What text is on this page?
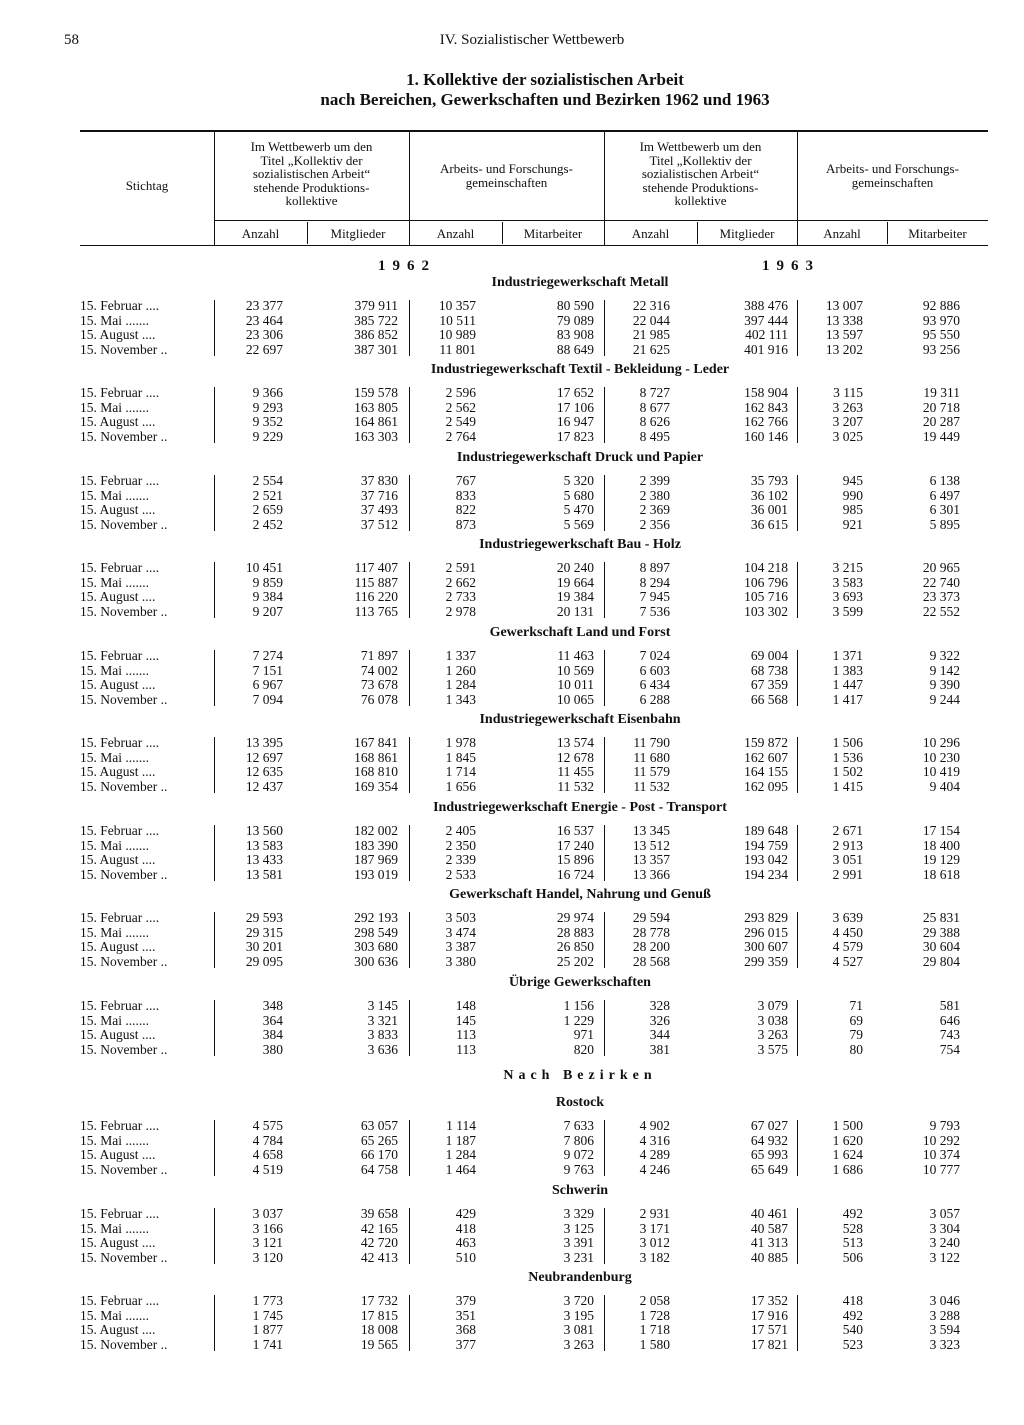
58	IV. Sozialistischer Wettbewerb
1. Kollektive der sozialistischen Arbeit
nach Bereichen, Gewerkschaften und Bezirken 1962 und 1963
Stichtag
Im Wettbewerb um den
Titel „Kollektiv der
sozialistischen Arbeit“
stehende Produktions-
kollektive
Arbeits- und Forschungs-
gemeinschaften
Im Wettbewerb um den
Titel „Kollektiv der
sozialistischen Arbeit“
stehende Produktions-
kollektive
Arbeits- und Forschungs-
gemeinschaften
Anzahl	Mitglieder	Anzahl	Mitarbeiter	Anzahl	Mitglieder	Anzahl	Mitarbeiter
1962	1963
Nach Bezirken
Industriegewerkschaft Metall
15. Februar ....	23 377	379 911	10 357	80 590	22 316	388 476	13 007	92 886
15. Mai .......	23 464	385 722	10 511	79 089	22 044	397 444	13 338	93 970
15. August ....	23 306	386 852	10 989	83 908	21 985	402 111	13 597	95 550
15. November ..	22 697	387 301	11 801	88 649	21 625	401 916	13 202	93 256
Industriegewerkschaft Textil - Bekleidung - Leder
15. Februar ....	9 366	159 578	2 596	17 652	8 727	158 904	3 115	19 311
15. Mai .......	9 293	163 805	2 562	17 106	8 677	162 843	3 263	20 718
15. August ....	9 352	164 861	2 549	16 947	8 626	162 766	3 207	20 287
15. November ..	9 229	163 303	2 764	17 823	8 495	160 146	3 025	19 449
Industriegewerkschaft Druck und Papier
15. Februar ....	2 554	37 830	767	5 320	2 399	35 793	945	6 138
15. Mai .......	2 521	37 716	833	5 680	2 380	36 102	990	6 497
15. August ....	2 659	37 493	822	5 470	2 369	36 001	985	6 301
15. November ..	2 452	37 512	873	5 569	2 356	36 615	921	5 895
Industriegewerkschaft Bau - Holz
15. Februar ....	10 451	117 407	2 591	20 240	8 897	104 218	3 215	20 965
15. Mai .......	9 859	115 887	2 662	19 664	8 294	106 796	3 583	22 740
15. August ....	9 384	116 220	2 733	19 384	7 945	105 716	3 693	23 373
15. November ..	9 207	113 765	2 978	20 131	7 536	103 302	3 599	22 552
Gewerkschaft Land und Forst
15. Februar ....	7 274	71 897	1 337	11 463	7 024	69 004	1 371	9 322
15. Mai .......	7 151	74 002	1 260	10 569	6 603	68 738	1 383	9 142
15. August ....	6 967	73 678	1 284	10 011	6 434	67 359	1 447	9 390
15. November ..	7 094	76 078	1 343	10 065	6 288	66 568	1 417	9 244
Industriegewerkschaft Eisenbahn
15. Februar ....	13 395	167 841	1 978	13 574	11 790	159 872	1 506	10 296
15. Mai .......	12 697	168 861	1 845	12 678	11 680	162 607	1 536	10 230
15. August ....	12 635	168 810	1 714	11 455	11 579	164 155	1 502	10 419
15. November ..	12 437	169 354	1 656	11 532	11 532	162 095	1 415	9 404
Industriegewerkschaft Energie - Post - Transport
15. Februar ....	13 560	182 002	2 405	16 537	13 345	189 648	2 671	17 154
15. Mai .......	13 583	183 390	2 350	17 240	13 512	194 759	2 913	18 400
15. August ....	13 433	187 969	2 339	15 896	13 357	193 042	3 051	19 129
15. November ..	13 581	193 019	2 533	16 724	13 366	194 234	2 991	18 618
Gewerkschaft Handel, Nahrung und Genuß
15. Februar ....	29 593	292 193	3 503	29 974	29 594	293 829	3 639	25 831
15. Mai .......	29 315	298 549	3 474	28 883	28 778	296 015	4 450	29 388
15. August ....	30 201	303 680	3 387	26 850	28 200	300 607	4 579	30 604
15. November ..	29 095	300 636	3 380	25 202	28 568	299 359	4 527	29 804
Übrige Gewerkschaften
15. Februar ....	348	3 145	148	1 156	328	3 079	71	581
15. Mai .......	364	3 321	145	1 229	326	3 038	69	646
15. August ....	384	3 833	113	971	344	3 263	79	743
15. November ..	380	3 636	113	820	381	3 575	80	754
Rostock
15. Februar ....	4 575	63 057	1 114	7 633	4 902	67 027	1 500	9 793
15. Mai .......	4 784	65 265	1 187	7 806	4 316	64 932	1 620	10 292
15. August ....	4 658	66 170	1 284	9 072	4 289	65 993	1 624	10 374
15. November ..	4 519	64 758	1 464	9 763	4 246	65 649	1 686	10 777
Schwerin
15. Februar ....	3 037	39 658	429	3 329	2 931	40 461	492	3 057
15. Mai .......	3 166	42 165	418	3 125	3 171	40 587	528	3 304
15. August ....	3 121	42 720	463	3 391	3 012	41 313	513	3 240
15. November ..	3 120	42 413	510	3 231	3 182	40 885	506	3 122
Neubrandenburg
15. Februar ....	1 773	17 732	379	3 720	2 058	17 352	418	3 046
15. Mai .......	1 745	17 815	351	3 195	1 728	17 916	492	3 288
15. August ....	1 877	18 008	368	3 081	1 718	17 571	540	3 594
15. November ..	1 741	19 565	377	3 263	1 580	17 821	523	3 323
